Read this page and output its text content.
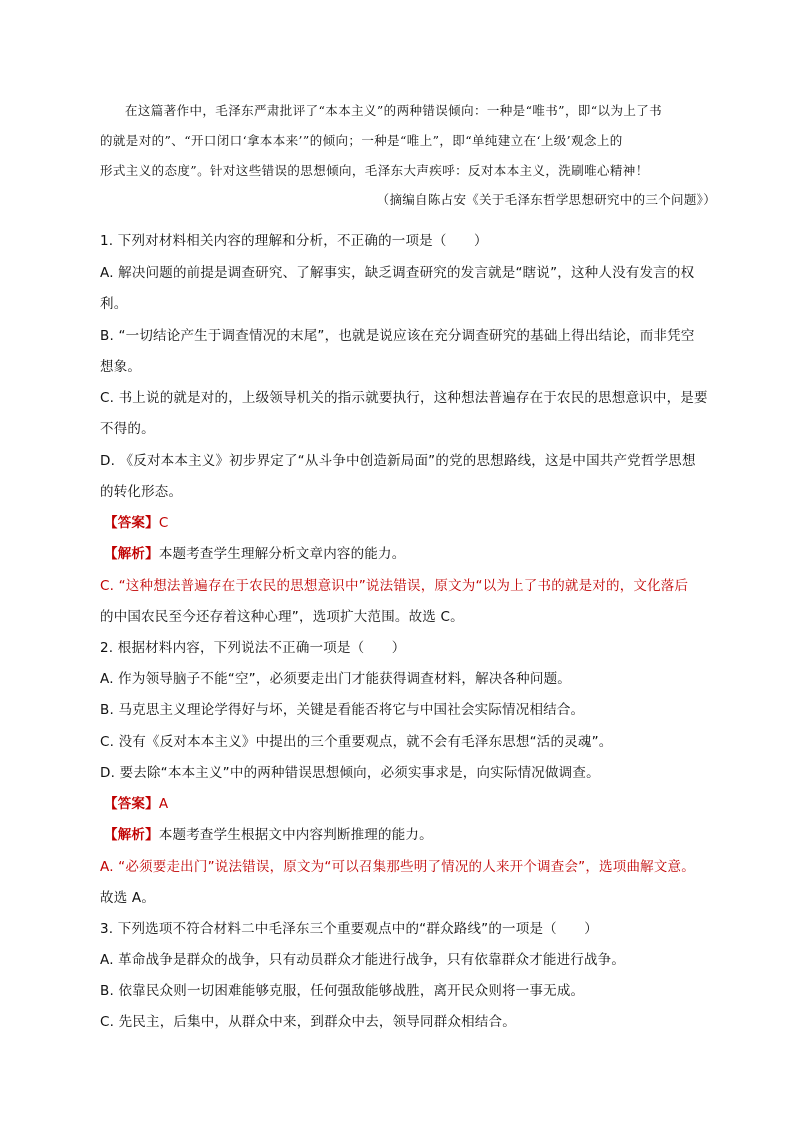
在这篇著作中，毛泽东严肃批评了“本本主义”的两种错误倾向：一种是“唯书”，即“以为上了书

的就是对的”、“开口闭口‘拿本本来’”的倾向；一种是“唯上”，即“单纯建立在‘上级’观念上的

形式主义的态度”。针对这些错误的思想倾向，毛泽东大声疾呼：反对本本主义，洗刷唯心精神！

（摘编自陈占安《关于毛泽东哲学思想研究中的三个问题》）
1. 下列对材料相关内容的理解和分析，不正确的一项是（　　）
A. 解决问题的前提是调查研究、了解事实，缺乏调查研究的发言就是“瞎说”，这种人没有发言的权
利。
B. “一切结论产生于调查情况的末尾”，也就是说应该在充分调查研究的基础上得出结论，而非凭空
想象。
C. 书上说的就是对的，上级领导机关的指示就要执行，这种想法普遍存在于农民的思想意识中，是要
不得的。
D. 《反对本本主义》初步界定了“从斗争中创造新局面”的党的思想路线，这是中国共产党哲学思想
的转化形态。
【答案】C
【解析】本题考查学生理解分析文章内容的能力。
C. “这种想法普遍存在于农民的思想意识中”说法错误，原文为“以为上了书的就是对的，文化落后
的中国农民至今还存着这种心理”，选项扩大范围。故选 C。
2. 根据材料内容，下列说法不正确一项是（　　）
A. 作为领导脑子不能“空”，必须要走出门才能获得调查材料，解决各种问题。
B. 马克思主义理论学得好与坏，关键是看能否将它与中国社会实际情况相结合。
C. 没有《反对本本主义》中提出的三个重要观点，就不会有毛泽东思想“活的灵魂”。
D. 要去除“本本主义”中的两种错误思想倾向，必须实事求是，向实际情况做调查。
【答案】A
【解析】本题考查学生根据文中内容判断推理的能力。
A. “必须要走出门”说法错误，原文为“可以召集那些明了情况的人来开个调查会”，选项曲解文意。
故选 A。
3. 下列选项不符合材料二中毛泽东三个重要观点中的“群众路线”的一项是（　　）
A. 革命战争是群众的战争，只有动员群众才能进行战争，只有依靠群众才能进行战争。
B. 依靠民众则一切困难能够克服，任何强敌能够战胜，离开民众则将一事无成。
C. 先民主，后集中，从群众中来，到群众中去，领导同群众相结合。
